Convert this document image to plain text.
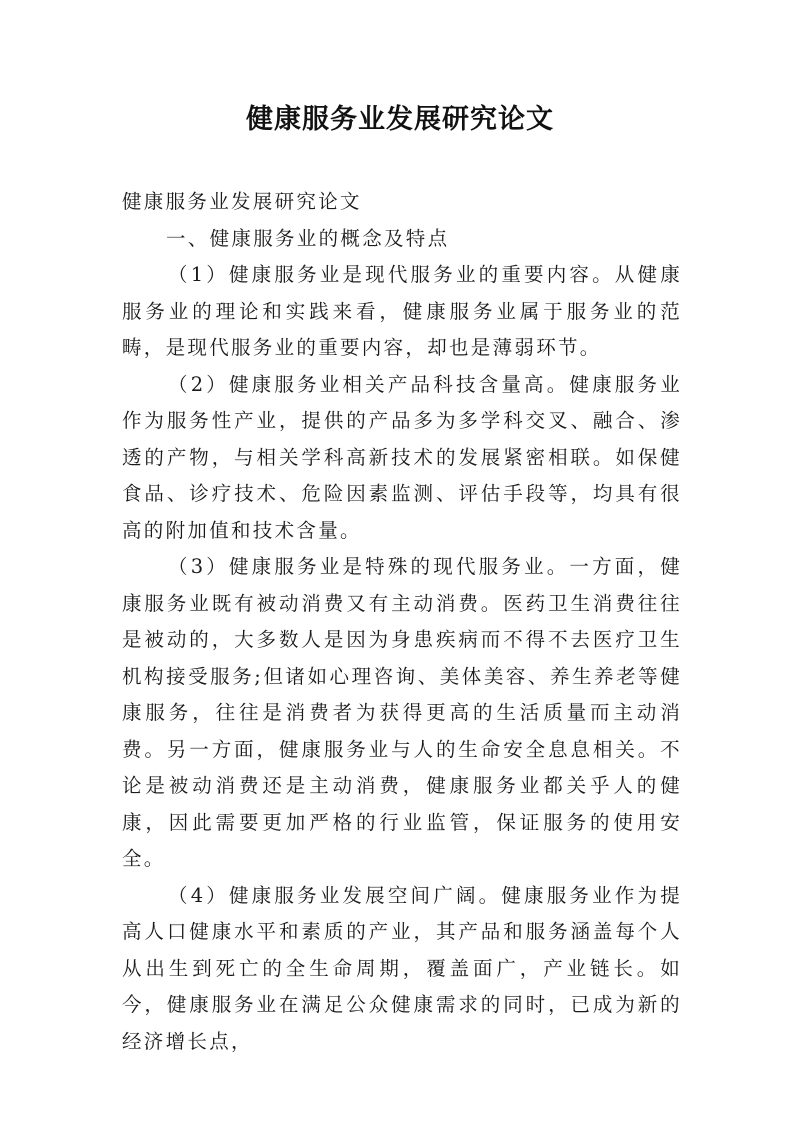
健康服务业发展研究论文

健康服务业发展研究论文

一、健康服务业的概念及特点

（1）健康服务业是现代服务业的重要内容。从健康服务业的理论和实践来看，健康服务业属于服务业的范畴，是现代服务业的重要内容，却也是薄弱环节。

（2）健康服务业相关产品科技含量高。健康服务业作为服务性产业，提供的产品多为多学科交叉、融合、渗透的产物，与相关学科高新技术的发展紧密相联。如保健食品、诊疗技术、危险因素监测、评估手段等，均具有很高的附加值和技术含量。

（3）健康服务业是特殊的现代服务业。一方面，健康服务业既有被动消费又有主动消费。医药卫生消费往往是被动的，大多数人是因为身患疾病而不得不去医疗卫生机构接受服务;但诸如心理咨询、美体美容、养生养老等健康服务，往往是消费者为获得更高的生活质量而主动消费。另一方面，健康服务业与人的生命安全息息相关。不论是被动消费还是主动消费，健康服务业都关乎人的健康，因此需要更加严格的行业监管，保证服务的使用安全。

（4）健康服务业发展空间广阔。健康服务业作为提高人口健康水平和素质的产业，其产品和服务涵盖每个人从出生到死亡的全生命周期，覆盖面广，产业链长。如今，健康服务业在满足公众健康需求的同时，已成为新的经济增长点，
